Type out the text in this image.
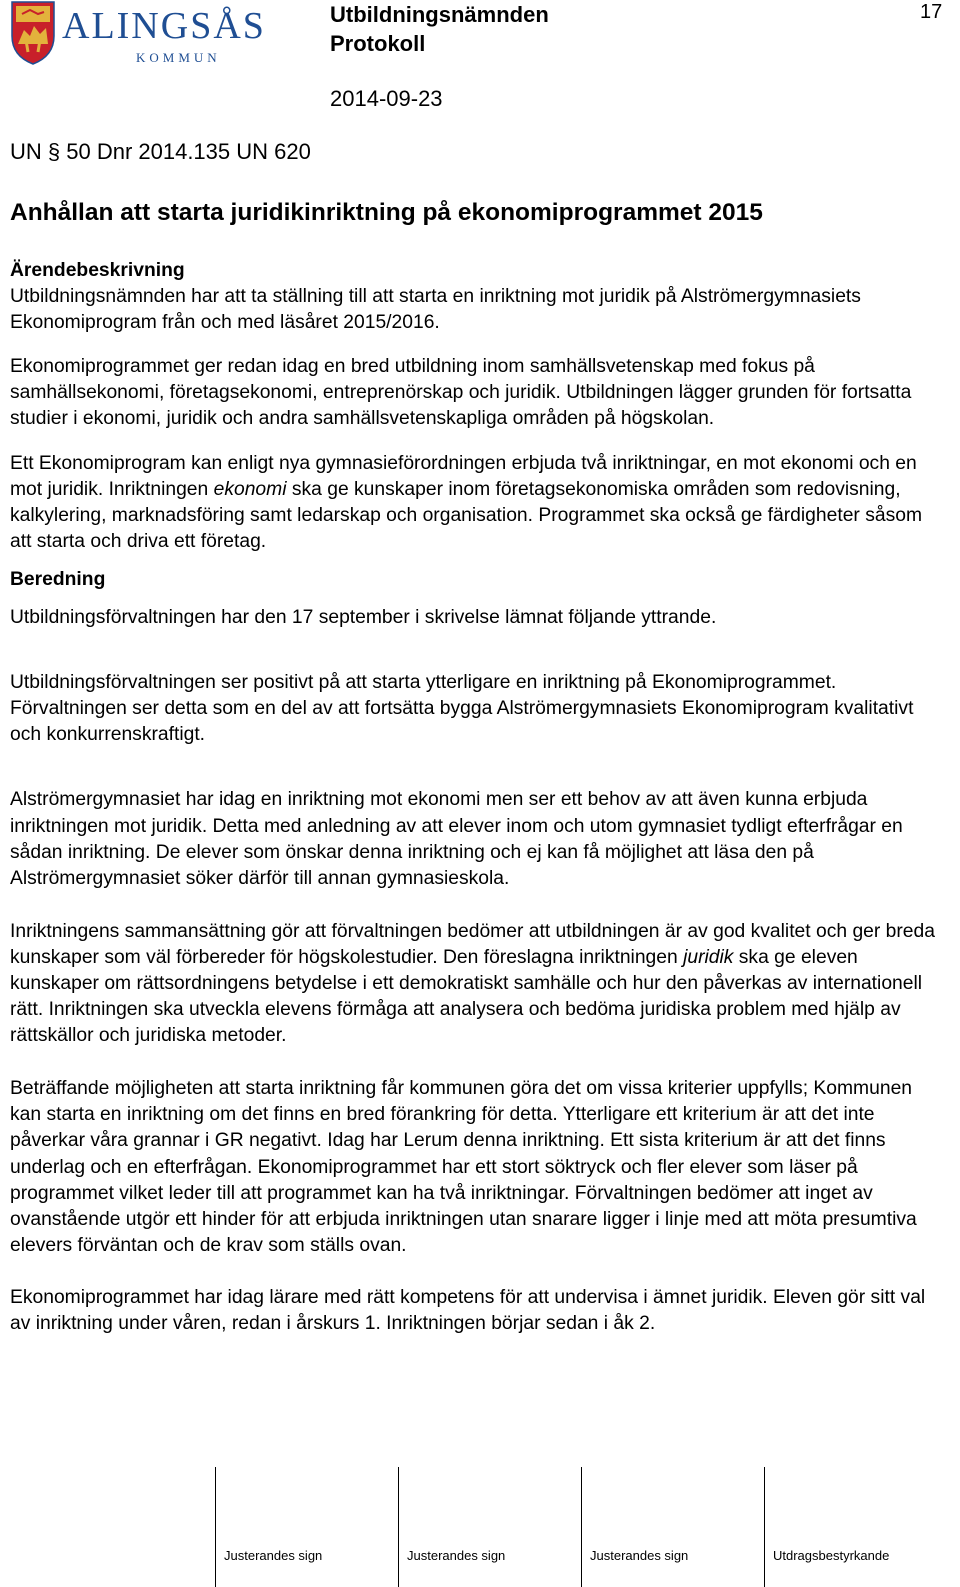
ALINGSÅS
KOMMUN
Utbildningsnämnden
Protokoll
2014-09-23
17
UN § 50 Dnr 2014.135 UN 620
Anhållan att starta juridikinriktning på ekonomiprogrammet 2015
Ärendebeskrivning

Utbildningsnämnden har att ta ställning till att starta en inriktning mot juridik på Alströmergymnasiets Ekonomiprogram från och med läsåret 2015/2016.

Ekonomiprogrammet ger redan idag en bred utbildning inom samhällsvetenskap med fokus på samhällsekonomi, företagsekonomi, entreprenörskap och juridik. Utbildningen lägger grunden för fortsatta studier i ekonomi, juridik och andra samhällsvetenskapliga områden på högskolan.

Ett Ekonomiprogram kan enligt nya gymnasieförordningen erbjuda två inriktningar, en mot ekonomi och en mot juridik. Inriktningen ekonomi ska ge kunskaper inom företagsekonomiska områden som redovisning, kalkylering, marknadsföring samt ledarskap och organisation. Programmet ska också ge färdigheter såsom att starta och driva ett företag.

Beredning

Utbildningsförvaltningen har den 17 september i skrivelse lämnat följande yttrande.

Utbildningsförvaltningen ser positivt på att starta ytterligare en inriktning på Ekonomiprogrammet. Förvaltningen ser detta som en del av att fortsätta bygga Alströmergymnasiets Ekonomiprogram kvalitativt och konkurrenskraftigt.

Alströmergymnasiet har idag en inriktning mot ekonomi men ser ett behov av att även kunna erbjuda inriktningen mot juridik. Detta med anledning av att elever inom och utom gymnasiet tydligt efterfrågar en sådan inriktning. De elever som önskar denna inriktning och ej kan få möjlighet att läsa den på Alströmergymnasiet söker därför till annan gymnasieskola.

Inriktningens sammansättning gör att förvaltningen bedömer att utbildningen är av god kvalitet och ger breda kunskaper som väl förbereder för högskolestudier. Den föreslagna inriktningen juridik ska ge eleven kunskaper om rättsordningens betydelse i ett demokratiskt samhälle och hur den påverkas av internationell rätt. Inriktningen ska utveckla elevens förmåga att analysera och bedöma juridiska problem med hjälp av rättskällor och juridiska metoder.

Beträffande möjligheten att starta inriktning får kommunen göra det om vissa kriterier uppfylls; Kommunen kan starta en inriktning om det finns en bred förankring för detta. Ytterligare ett kriterium är att det inte påverkar våra grannar i GR negativt. Idag har Lerum denna inriktning. Ett sista kriterium är att det finns underlag och en efterfrågan. Ekonomiprogrammet har ett stort söktryck och fler elever som läser på programmet vilket leder till att programmet kan ha två inriktningar. Förvaltningen bedömer att inget av ovanstående utgör ett hinder för att erbjuda inriktningen utan snarare ligger i linje med att möta presumtiva elevers förväntan och de krav som ställs ovan.

Ekonomiprogrammet har idag lärare med rätt kompetens för att undervisa i ämnet juridik. Eleven gör sitt val av inriktning under våren, redan i årskurs 1. Inriktningen börjar sedan i åk 2.

Justerandes sign	Justerandes sign	Justerandes sign	Utdragsbestyrkande
